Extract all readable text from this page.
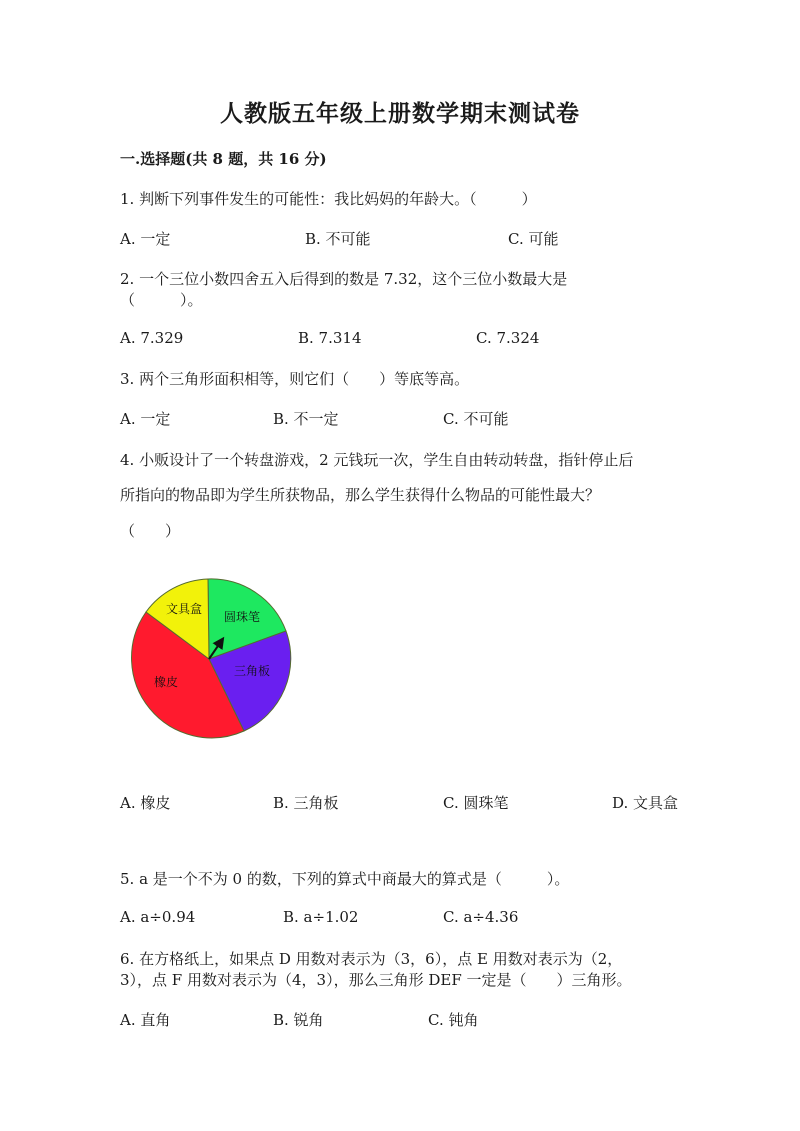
人教版五年级上册数学期末测试卷
一.选择题(共 8 题，共 16 分)
1. 判断下列事件发生的可能性：我比妈妈的年龄大。（　　　）
A. 一定	B. 不可能	C. 可能
2. 一个三位小数四舍五入后得到的数是 7.32，这个三位小数最大是
（　　　）。
A. 7.329	B. 7.314	C. 7.324
3. 两个三角形面积相等，则它们（　　）等底等高。
A. 一定	B. 不一定	C. 不可能
4. 小贩设计了一个转盘游戏，2 元钱玩一次，学生自由转动转盘，指针停止后
所指向的物品即为学生所获物品，那么学生获得什么物品的可能性最大？
（　　）
文具盒
圆珠笔
三角板
橡皮
A. 橡皮	B. 三角板	C. 圆珠笔	D. 文具盒
5. a 是一个不为 0 的数，下列的算式中商最大的算式是（　　　）。
A. a÷0.94	B. a÷1.02	C. a÷4.36
6. 在方格纸上，如果点 D 用数对表示为（3，6），点 E 用数对表示为（2，
3），点 F 用数对表示为（4，3），那么三角形 DEF 一定是（　　）三角形。
A. 直角	B. 锐角	C. 钝角
